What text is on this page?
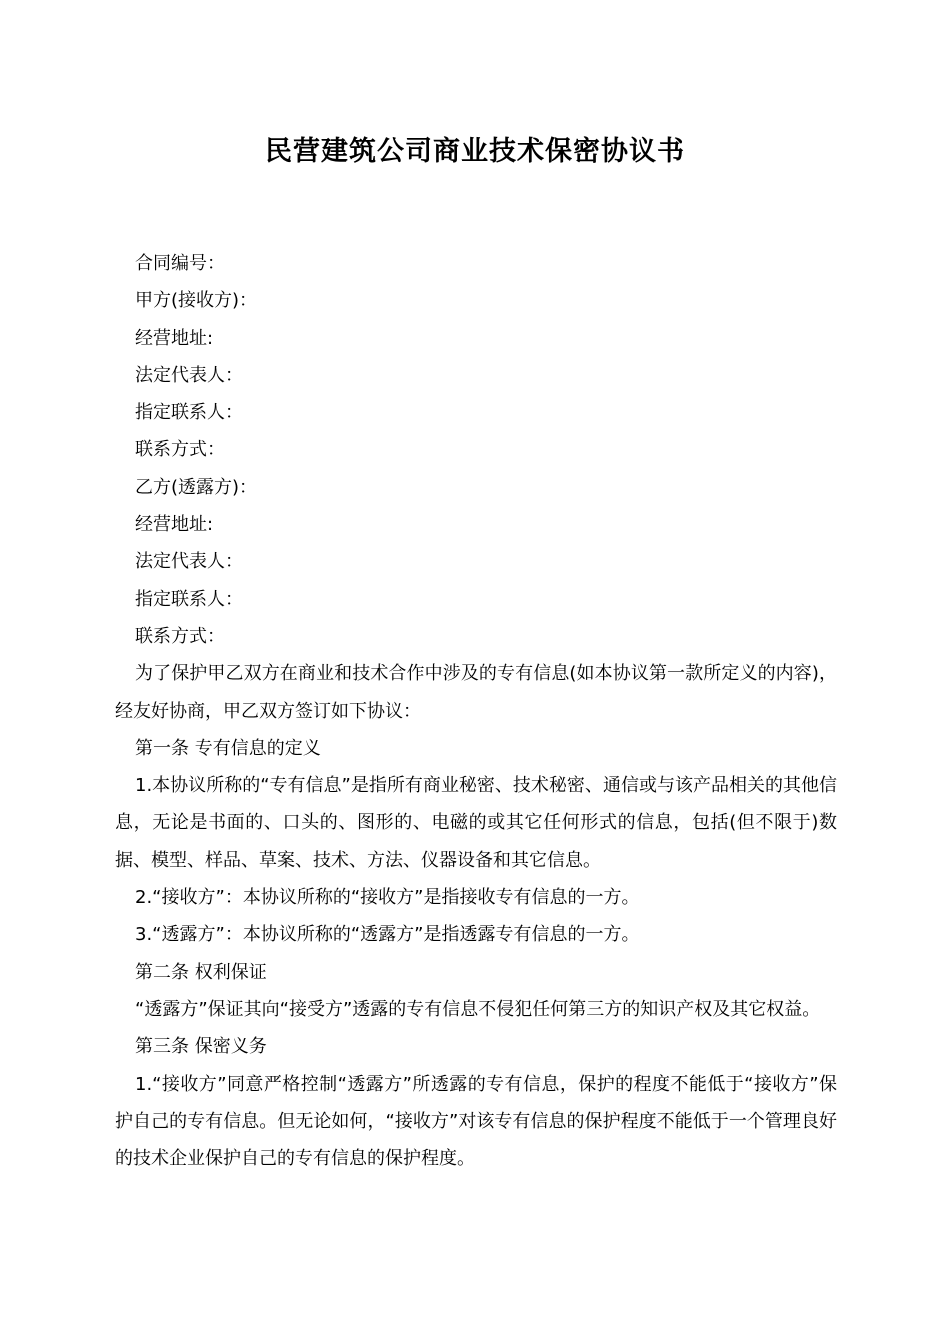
民营建筑公司商业技术保密协议书

合同编号：

甲方(接收方)：

经营地址:

法定代表人：

指定联系人：

联系方式：

乙方(透露方)：

经营地址:

法定代表人：

指定联系人：

联系方式：

为了保护甲乙双方在商业和技术合作中涉及的专有信息(如本协议第一款所定义的内容)，经友好协商，甲乙双方签订如下协议：

第一条 专有信息的定义

1.本协议所称的“专有信息”是指所有商业秘密、技术秘密、通信或与该产品相关的其他信息，无论是书面的、口头的、图形的、电磁的或其它任何形式的信息，包括(但不限于)数据、模型、样品、草案、技术、方法、仪器设备和其它信息。

2.“接收方”：本协议所称的“接收方”是指接收专有信息的一方。

3.“透露方”：本协议所称的“透露方”是指透露专有信息的一方。

第二条 权利保证

“透露方”保证其向“接受方”透露的专有信息不侵犯任何第三方的知识产权及其它权益。

第三条 保密义务

1.“接收方”同意严格控制“透露方”所透露的专有信息，保护的程度不能低于“接收方”保护自己的专有信息。但无论如何，“接收方”对该专有信息的保护程度不能低于一个管理良好的技术企业保护自己的专有信息的保护程度。
